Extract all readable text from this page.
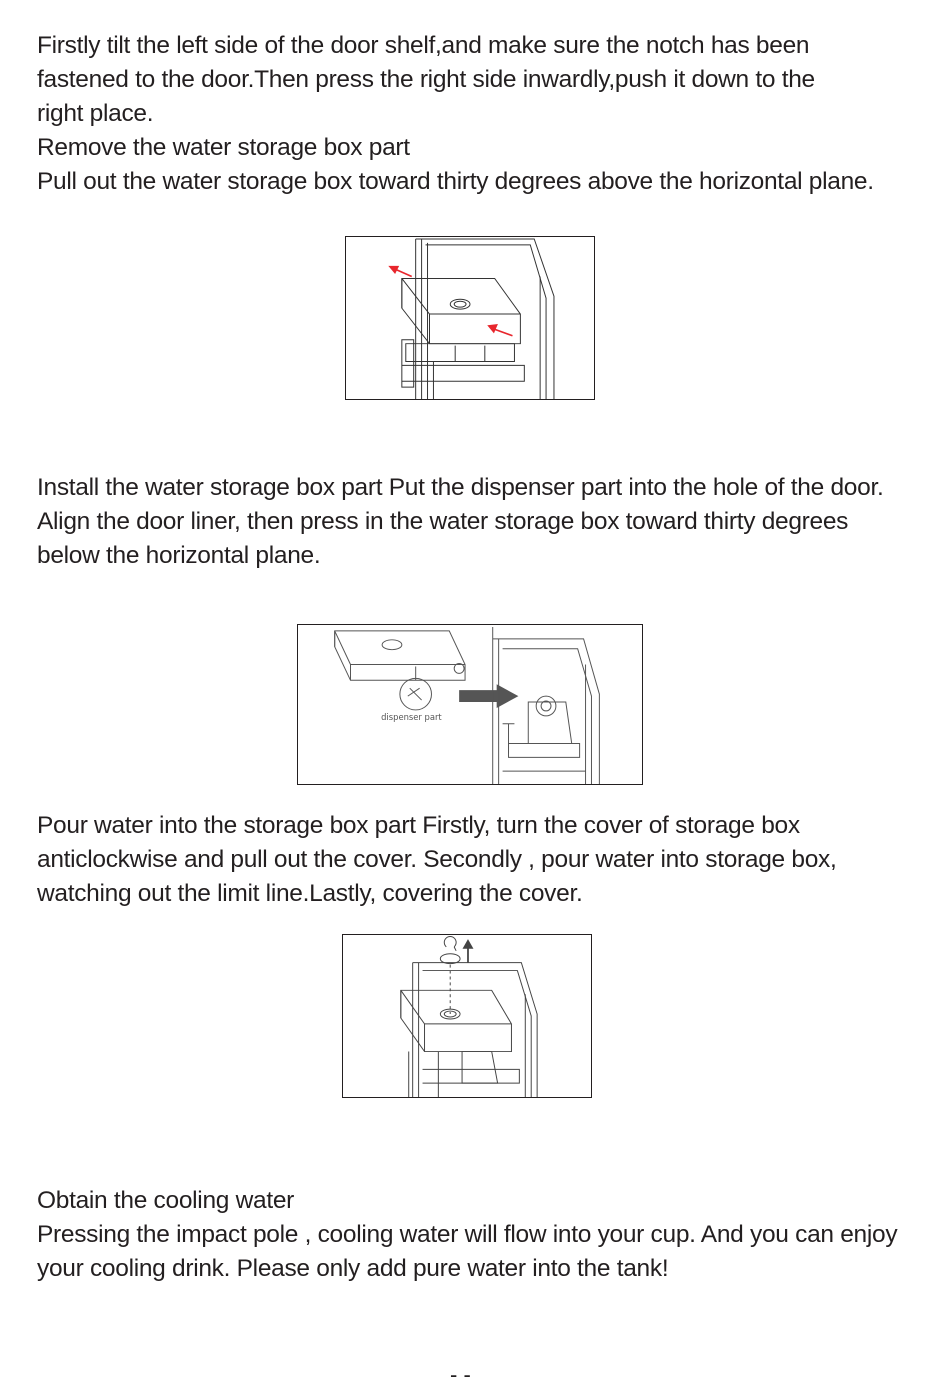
Firstly tilt the left side of the door shelf,and make sure the notch has been
fastened to the door.Then press the right side inwardly,push it down to the
right place.
Remove the water storage box part
Pull out the water storage box toward thirty degrees above the horizontal plane.
Install the water storage box part Put the dispenser part into the hole of the door.
Align the door liner, then press in the water storage box toward thirty degrees
below the horizontal plane.
dispenser part
Pour water into the storage box part Firstly, turn the cover of storage box
anticlockwise and pull out the cover. Secondly , pour water into storage box,
watching out the limit line.Lastly, covering the cover.
Obtain the cooling water
Pressing the impact pole , cooling water will flow into your cup. And you can enjoy
your cooling drink. Please only add pure water into the tank!
- -
